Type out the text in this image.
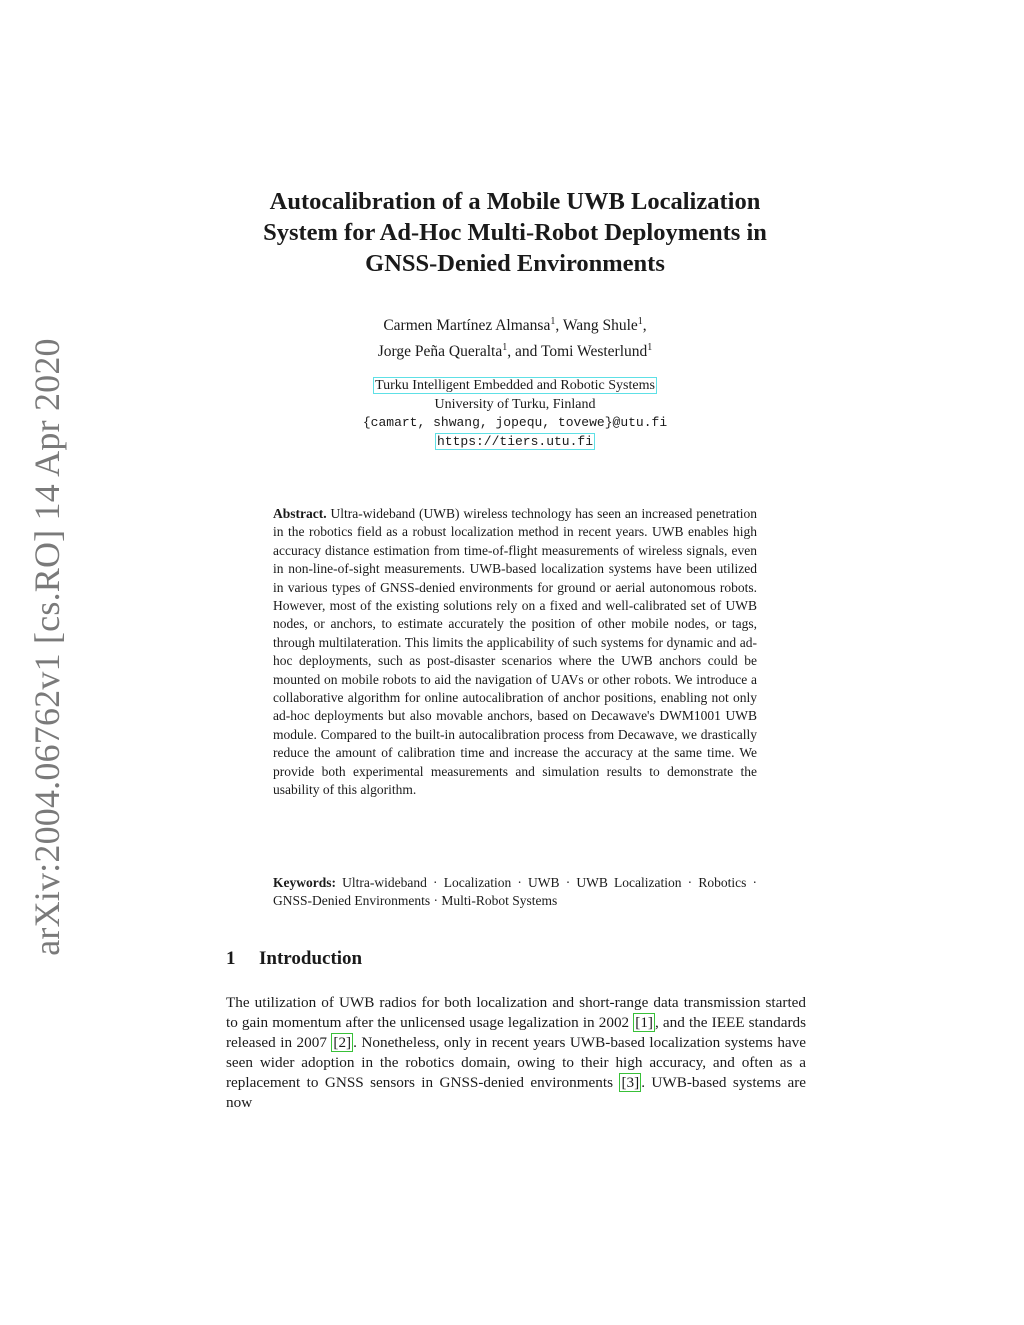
arXiv:2004.06762v1 [cs.RO] 14 Apr 2020
Autocalibration of a Mobile UWB Localization
System for Ad-Hoc Multi-Robot Deployments in
GNSS-Denied Environments
Carmen Martínez Almansa$^1$, Wang Shule$^1$,
Jorge Peña Queralta$^1$, and Tomi Westerlund$^1$
Turku Intelligent Embedded and Robotic Systems
University of Turku, Finland
{camart, shwang, jopequ, tovewe}@utu.fi
https://tiers.utu.fi
Abstract. Ultra-wideband (UWB) wireless technology has seen an increased penetration in the robotics field as a robust localization method in recent years. UWB enables high accuracy distance estimation from time-of-flight measurements of wireless signals, even in non-line-of-sight measurements. UWB-based localization systems have been utilized in various types of GNSS-denied environments for ground or aerial autonomous robots. However, most of the existing solutions rely on a fixed and well-calibrated set of UWB nodes, or anchors, to estimate accurately the position of other mobile nodes, or tags, through multilateration. This limits the applicability of such systems for dynamic and ad-hoc deployments, such as post-disaster scenarios where the UWB anchors could be mounted on mobile robots to aid the navigation of UAVs or other robots. We introduce a collaborative algorithm for online autocalibration of anchor positions, enabling not only ad-hoc deployments but also movable anchors, based on Decawave's DWM1001 UWB module. Compared to the built-in autocalibration process from Decawave, we drastically reduce the amount of calibration time and increase the accuracy at the same time. We provide both experimental measurements and simulation results to demonstrate the usability of this algorithm.
Keywords: Ultra-wideband · Localization · UWB · UWB Localization · Robotics · GNSS-Denied Environments · Multi-Robot Systems
1 Introduction
The utilization of UWB radios for both localization and short-range data transmission started to gain momentum after the unlicensed usage legalization in 2002 [1] , and the IEEE standards released in 2007 [2] . Nonetheless, only in recent years UWB-based localization systems have seen wider adoption in the robotics domain, owing to their high accuracy, and often as a replacement to GNSS sensors in GNSS-denied environments [3] . UWB-based systems are now
